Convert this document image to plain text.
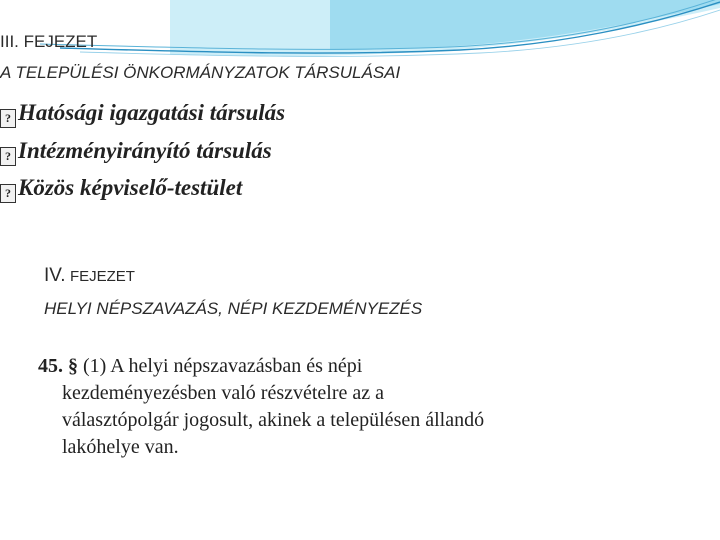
III. FEJEZET
A TELEPÜLÉSI ÖNKORMÁNYZATOK TÁRSULÁSAI
? Hatósági igazgatási társulás
? Intézményirányító társulás
? Közös képviselő-testület
IV. FEJEZET
HELYI NÉPSZAVAZÁS, NÉPI KEZDEMÉNYEZÉS
45. § (1) A helyi népszavazásban és népi
kezdeményezésben való részvételre az a
választópolgár jogosult, akinek a településen állandó
lakóhelye van.
